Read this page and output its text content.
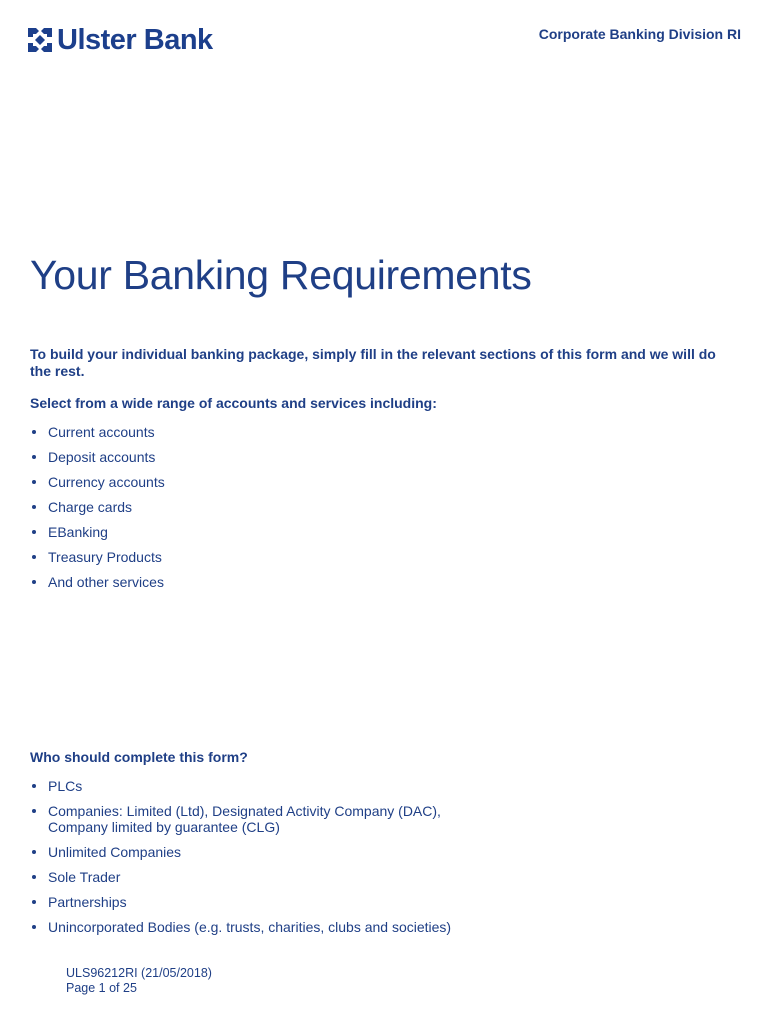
Ulster Bank	Corporate Banking Division RI
Your Banking Requirements

To build your individual banking package, simply fill in the relevant sections of this form and we will do the rest.

Select from a wide range of accounts and services including:

Current accounts
Deposit accounts
Currency accounts
Charge cards
EBanking
Treasury Products
And other services

Who should complete this form?

PLCs
Companies: Limited (Ltd), Designated Activity Company (DAC), Company limited by guarantee (CLG)
Unlimited Companies
Sole Trader
Partnerships
Unincorporated Bodies (e.g. trusts, charities, clubs and societies)
ULS96212RI (21/05/2018)
Page 1 of 25
